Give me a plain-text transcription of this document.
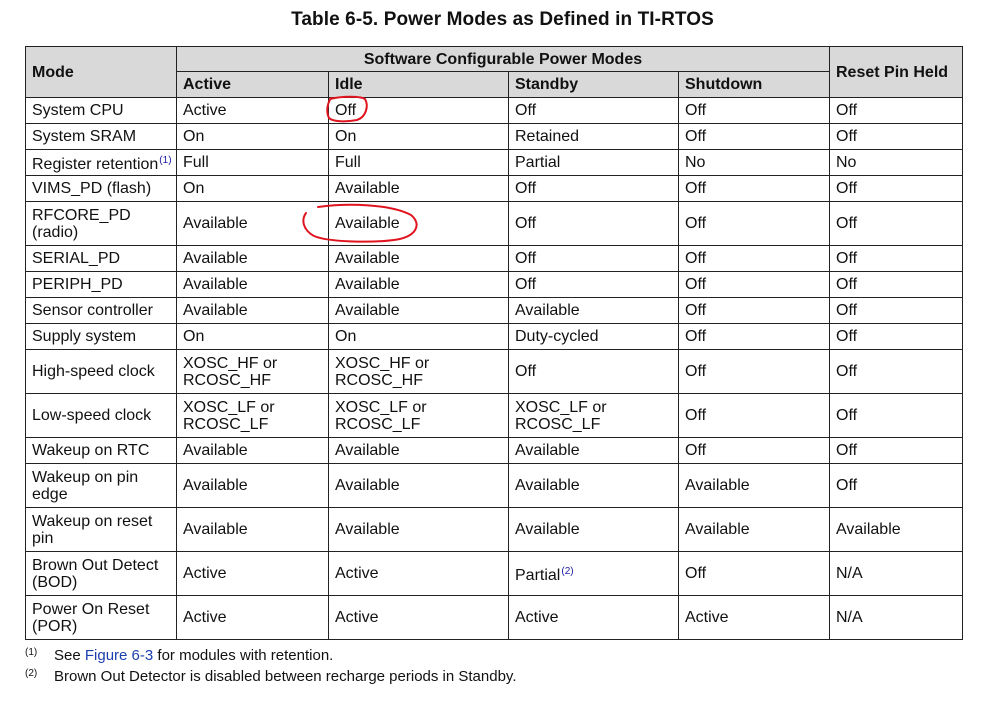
Table 6-5. Power Modes as Defined in TI-RTOS
Mode	Software Configurable Power Modes				Reset Pin Held
	Active	Idle	Standby	Shutdown	
System CPU	Active	Off	Off	Off	Off
System SRAM	On	On	Retained	Off	Off
Register retention$^{(1)}$	Full	Full	Partial	No	No
VIMS_PD (flash)	On	Available	Off	Off	Off
RFCORE_PD
(radio)	Available	Available	Off	Off	Off
SERIAL_PD	Available	Available	Off	Off	Off
PERIPH_PD	Available	Available	Off	Off	Off
Sensor controller	Available	Available	Available	Off	Off
Supply system	On	On	Duty-cycled	Off	Off
High-speed clock	XOSC_HF or
RCOSC_HF	XOSC_HF or
RCOSC_HF	Off	Off	Off
Low-speed clock	XOSC_LF or
RCOSC_LF	XOSC_LF or
RCOSC_LF	XOSC_LF or
RCOSC_LF	Off	Off
Wakeup on RTC	Available	Available	Available	Off	Off
Wakeup on pin
edge	Available	Available	Available	Available	Off
Wakeup on reset
pin	Available	Available	Available	Available	Available
Brown Out Detect
(BOD)	Active	Active	Partial$^{(2)}$	Off	N/A
Power On Reset
(POR)	Active	Active	Active	Active	N/A
(1) See Figure 6-3 for modules with retention.
(2) Brown Out Detector is disabled between recharge periods in Standby.
